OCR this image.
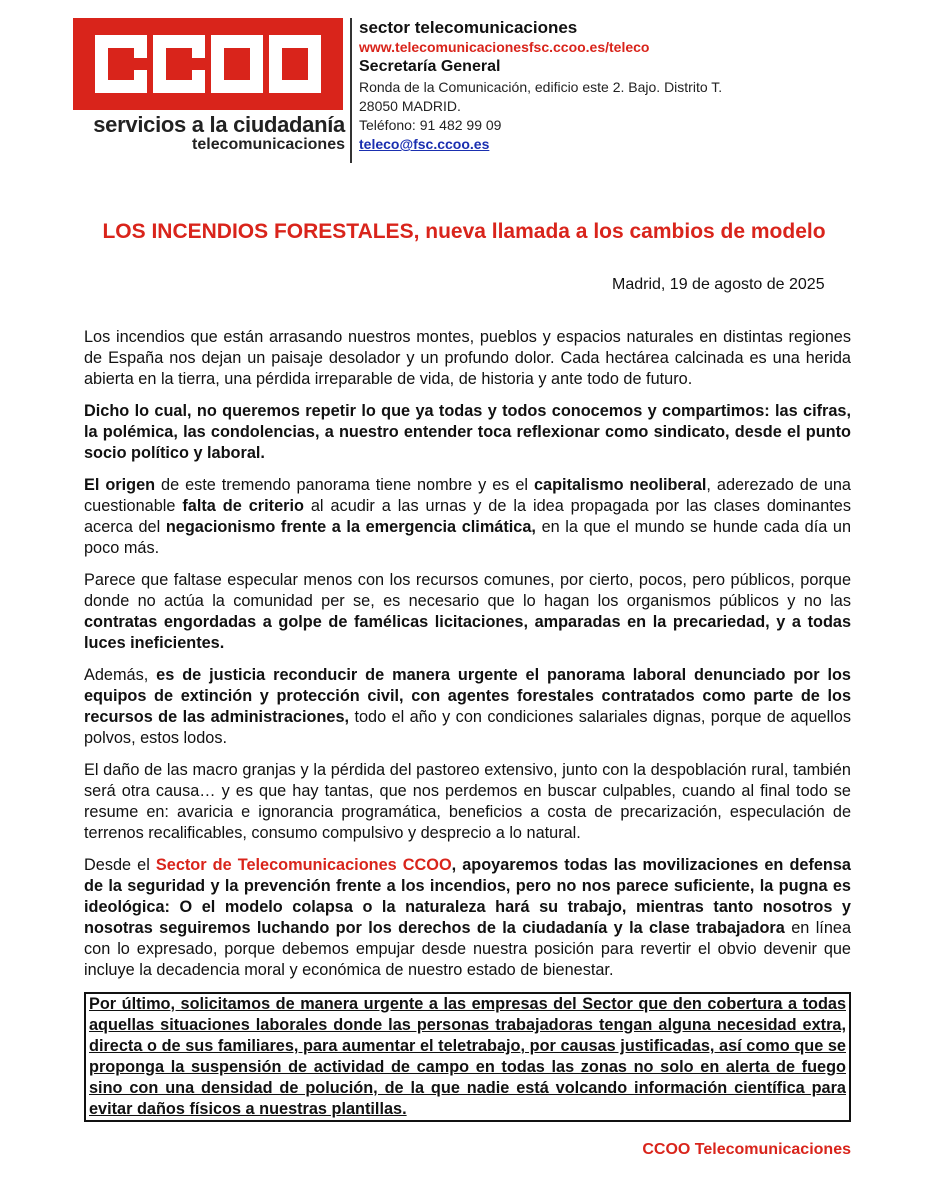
servicios a la ciudadanía
telecomunicaciones
sector telecomunicaciones
www.telecomunicacionesfsc.ccoo.es/teleco
Secretaría General
Ronda de la Comunicación, edificio este 2. Bajo. Distrito T.
28050 MADRID.
Teléfono: 91 482 99 09
teleco@fsc.ccoo.es
LOS INCENDIOS FORESTALES, nueva llamada a los cambios de modelo
Madrid, 19 de agosto de 2025

Los incendios que están arrasando nuestros montes, pueblos y espacios naturales en distintas regiones de España nos dejan un paisaje desolador y un profundo dolor. Cada hectárea calcinada es una herida abierta en la tierra, una pérdida irreparable de vida, de historia y ante todo de futuro.

Dicho lo cual, no queremos repetir lo que ya todas y todos conocemos y compartimos: las cifras, la polémica, las condolencias, a nuestro entender toca reflexionar como sindicato, desde el punto socio político y laboral.

El origen de este tremendo panorama tiene nombre y es el capitalismo neoliberal, aderezado de una cuestionable falta de criterio al acudir a las urnas y de la idea propagada por las clases dominantes acerca del negacionismo frente a la emergencia climática, en la que el mundo se hunde cada día un poco más.

Parece que faltase especular menos con los recursos comunes, por cierto, pocos, pero públicos, porque donde no actúa la comunidad per se, es necesario que lo hagan los organismos públicos y no las contratas engordadas a golpe de famélicas licitaciones, amparadas en la precariedad, y a todas luces ineficientes.

Además, es de justicia reconducir de manera urgente el panorama laboral denunciado por los equipos de extinción y protección civil, con agentes forestales contratados como parte de los recursos de las administraciones, todo el año y con condiciones salariales dignas, porque de aquellos polvos, estos lodos.

El daño de las macro granjas y la pérdida del pastoreo extensivo, junto con la despoblación rural, también será otra causa… y es que hay tantas, que nos perdemos en buscar culpables, cuando al final todo se resume en: avaricia e ignorancia programática, beneficios a costa de precarización, especulación de terrenos recalificables, consumo compulsivo y desprecio a lo natural.

Desde el Sector de Telecomunicaciones CCOO, apoyaremos todas las movilizaciones en defensa de la seguridad y la prevención frente a los incendios, pero no nos parece suficiente, la pugna es ideológica: O el modelo colapsa o la naturaleza hará su trabajo, mientras tanto nosotros y nosotras seguiremos luchando por los derechos de la ciudadanía y la clase trabajadora en línea con lo expresado, porque debemos empujar desde nuestra posición para revertir el obvio devenir que incluye la decadencia moral y económica de nuestro estado de bienestar.

Por último, solicitamos de manera urgente a las empresas del Sector que den cobertura a todas aquellas situaciones laborales donde las personas trabajadoras tengan alguna necesidad extra, directa o de sus familiares, para aumentar el teletrabajo, por causas justificadas, así como que se proponga la suspensión de actividad de campo en todas las zonas no solo en alerta de fuego sino con una densidad de polución, de la que nadie está volcando información científica para evitar daños físicos a nuestras plantillas.

CCOO Telecomunicaciones
